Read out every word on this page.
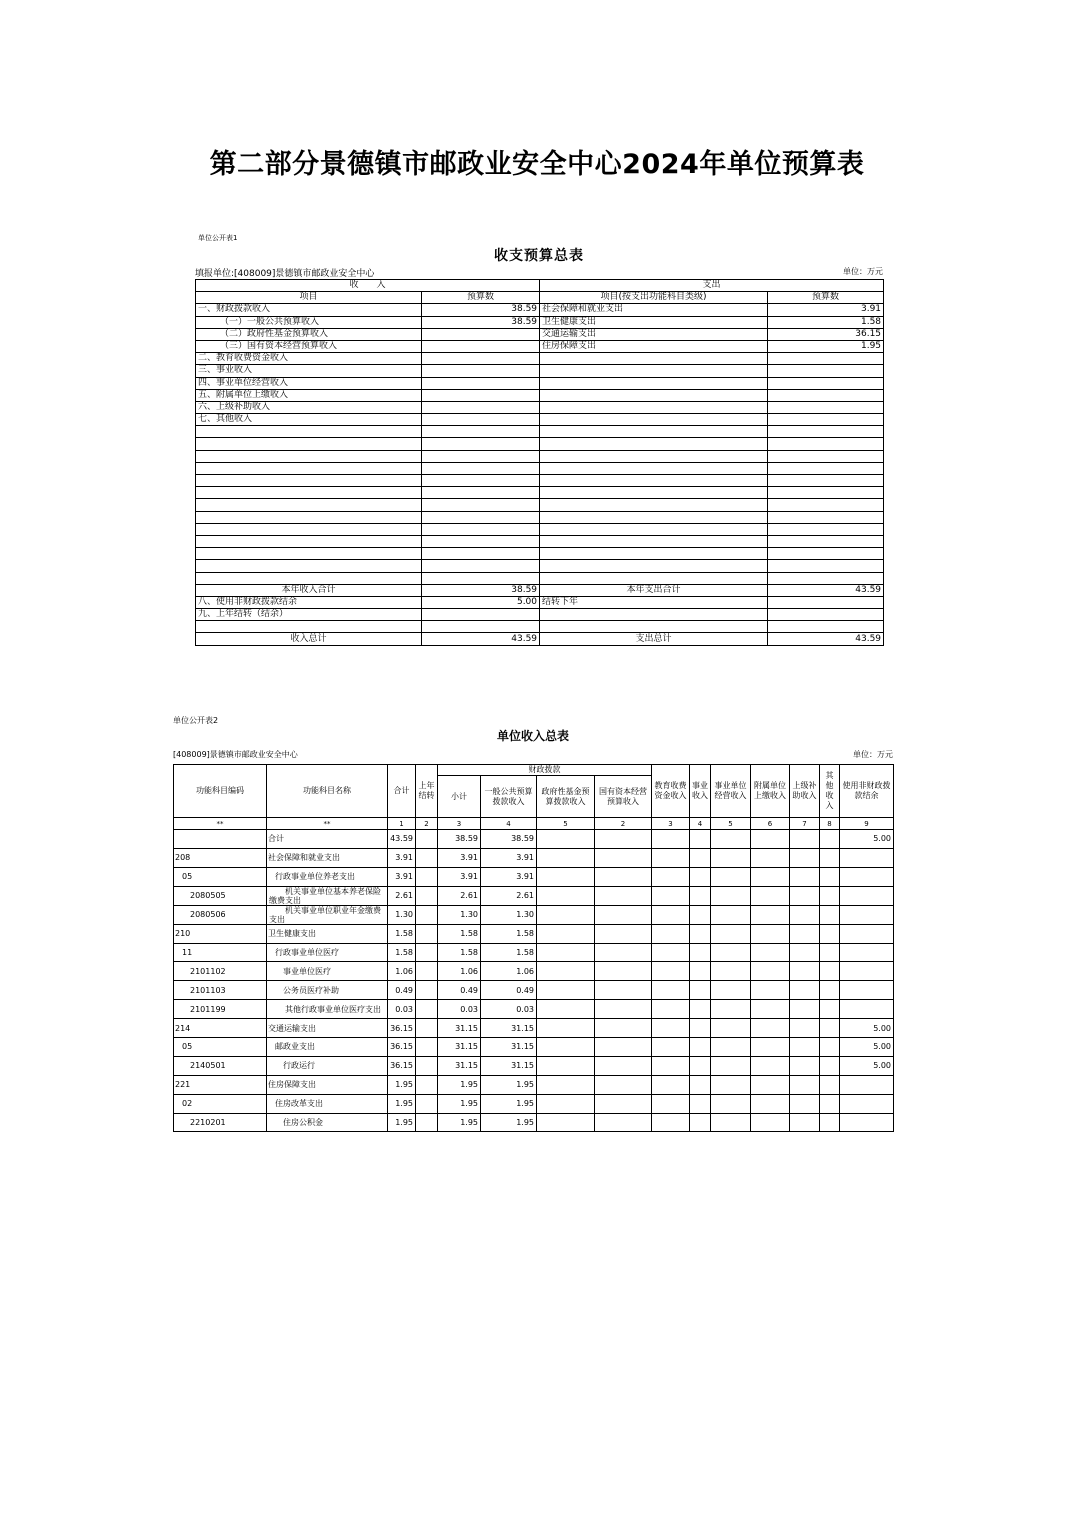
第二部分景德镇市邮政业安全中心2024年单位预算表
单位公开表1
收支预算总表
填报单位:[408009]景德镇市邮政业安全中心	单位：万元
收　　入		支出	
项目	预算数	项目(按支出功能科目类级)	预算数
一、财政拨款收入	38.59	社会保障和就业支出	3.91
（一）一般公共预算收入	38.59	卫生健康支出	1.58
（二）政府性基金预算收入		交通运输支出	36.15
（三）国有资本经营预算收入		住房保障支出	1.95
二、教育收费资金收入			
三、事业收入			
四、事业单位经营收入			
五、附属单位上缴收入			
六、上级补助收入			
七、其他收入			

本年收入合计	38.59	本年支出合计	43.59
八、使用非财政拨款结余	5.00	结转下年	
九、上年结转（结余）			

收入总计	43.59	支出总计	43.59
单位公开表2
单位收入总表
[408009]景德镇市邮政业安全中心	单位：万元
功能科目编码	功能科目名称	合计	上年结转	财政拨款				教育收费资金收入	事业收入	事业单位经营收入	附属单位上缴收入	上级补助收入	其他收入	使用非财政拨款结余
				小计	一般公共预算拨款收入	政府性基金预算拨款收入	国有资本经营预算收入							
**	**	1	2	3	4	5	2	3	4	5	6	7	8	9
	合计	43.59		38.59	38.59									5.00
208	社会保障和就业支出	3.91		3.91	3.91									
05	行政事业单位养老支出	3.91		3.91	3.91									
2080505	机关事业单位基本养老保险缴费支出	2.61		2.61	2.61									
2080506	机关事业单位职业年金缴费支出	1.30		1.30	1.30									
210	卫生健康支出	1.58		1.58	1.58									
11	行政事业单位医疗	1.58		1.58	1.58									
2101102	事业单位医疗	1.06		1.06	1.06									
2101103	公务员医疗补助	0.49		0.49	0.49									
2101199	其他行政事业单位医疗支出	0.03		0.03	0.03									
214	交通运输支出	36.15		31.15	31.15									5.00
05	邮政业支出	36.15		31.15	31.15									5.00
2140501	行政运行	36.15		31.15	31.15									5.00
221	住房保障支出	1.95		1.95	1.95									
02	住房改革支出	1.95		1.95	1.95									
2210201	住房公积金	1.95		1.95	1.95									
